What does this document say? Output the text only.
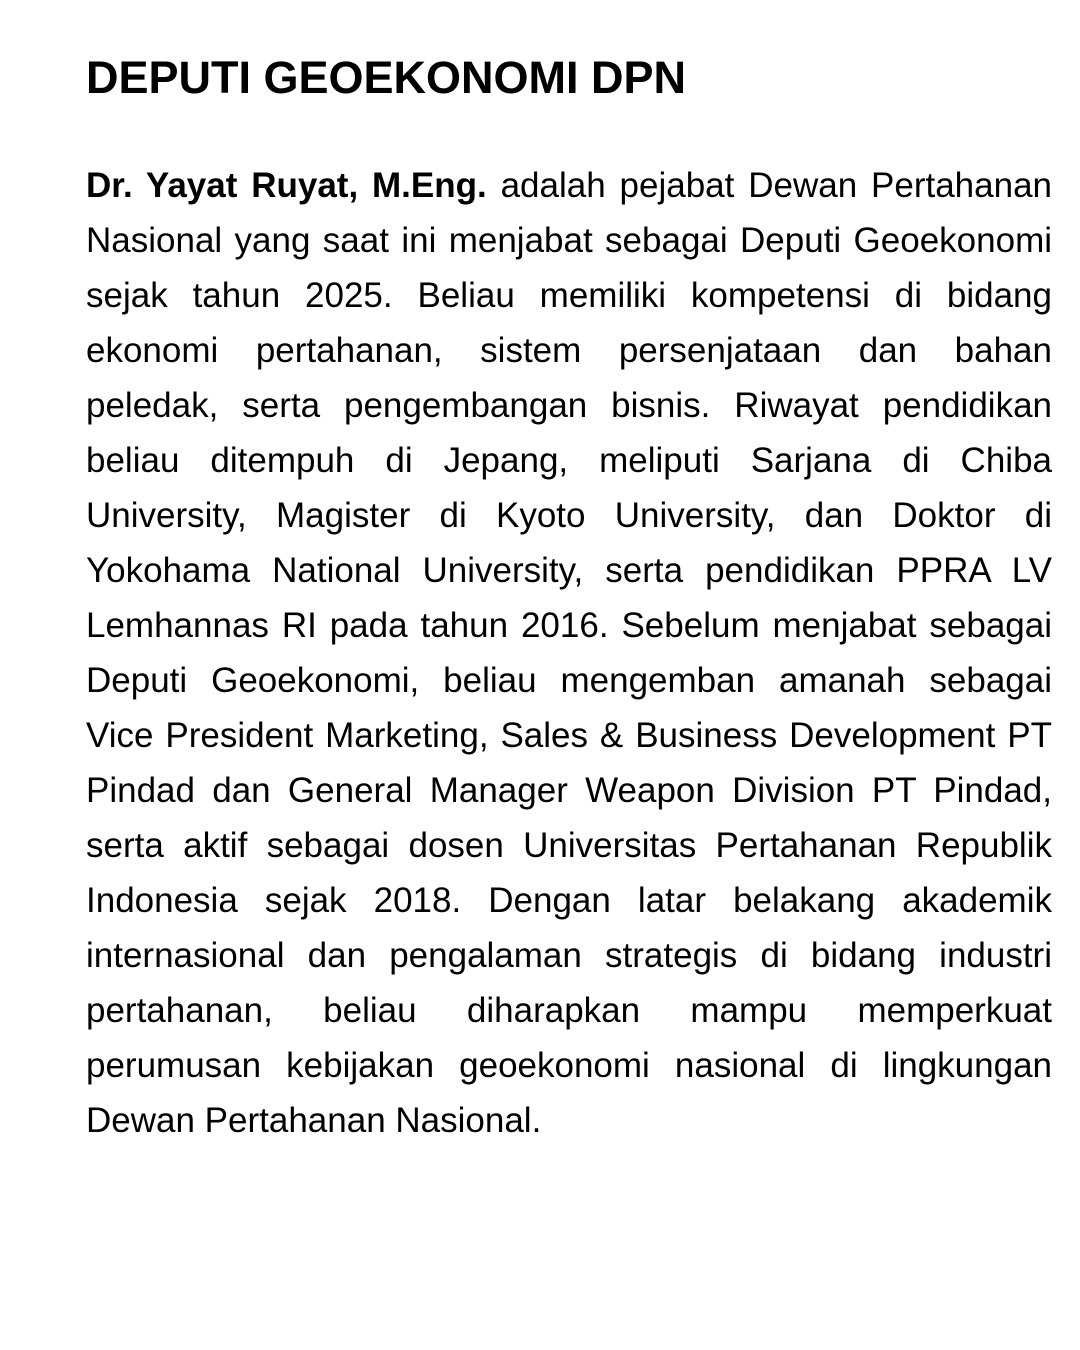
DEPUTI GEOEKONOMI DPN

Dr. Yayat Ruyat, M.Eng. adalah pejabat Dewan Pertahanan Nasional yang saat ini menjabat sebagai Deputi Geoekonomi sejak tahun 2025. Beliau memiliki kompetensi di bidang ekonomi pertahanan, sistem persenjataan dan bahan peledak, serta pengembangan bisnis. Riwayat pendidikan beliau ditempuh di Jepang, meliputi Sarjana di Chiba University, Magister di Kyoto University, dan Doktor di Yokohama National University, serta pendidikan PPRA LV Lemhannas RI pada tahun 2016. Sebelum menjabat sebagai Deputi Geoekonomi, beliau mengemban amanah sebagai Vice President Marketing, Sales & Business Development PT Pindad dan General Manager Weapon Division PT Pindad, serta aktif sebagai dosen Universitas Pertahanan Republik Indonesia sejak 2018. Dengan latar belakang akademik internasional dan pengalaman strategis di bidang industri pertahanan, beliau diharapkan mampu memperkuat perumusan kebijakan geoekonomi nasional di lingkungan Dewan Pertahanan Nasional.
